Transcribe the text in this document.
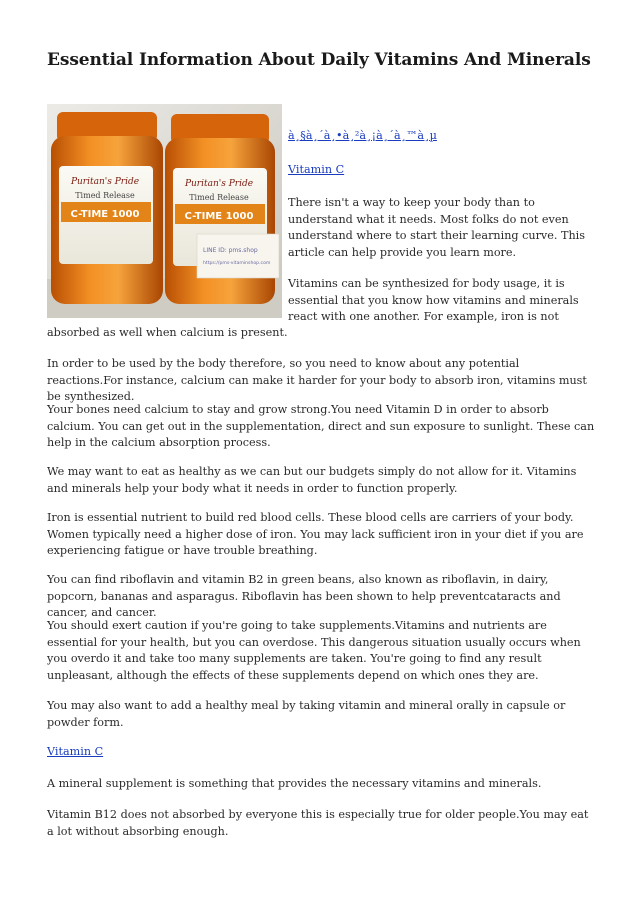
Essential Information About Daily Vitamins And Minerals
Puritan's Pride
Timed Release
C-TIME 1000
Puritan's Pride
Timed Release
C-TIME 1000
LINE ID: pms.shop
https://pms-vitaminshop.com
à¸§à¸´à¸•à¸²à¸¡à¸´à¸™à¸µ
Vitamin C

There isn't a way to keep your body than to understand what it needs. Most folks do not even understand where to start their learning curve. This article can help provide you learn more.

Vitamins can be synthesized for body usage, it is essential that you know how vitamins and minerals react with one another. For example, iron is not

absorbed as well when calcium is present.

In order to be used by the body therefore, so you need to know about any potential reactions.For instance, calcium can make it harder for your body to absorb iron, vitamins must be synthesized.

Your bones need calcium to stay and grow strong.You need Vitamin D in order to absorb calcium. You can get out in the supplementation, direct and sun exposure to sunlight. These can help in the calcium absorption process.

We may want to eat as healthy as we can but our budgets simply do not allow for it. Vitamins and minerals help your body what it needs in order to function properly.

Iron is essential nutrient to build red blood cells. These blood cells are carriers of your body. Women typically need a higher dose of iron. You may lack sufficient iron in your diet if you are experiencing fatigue or have trouble breathing.

You can find riboflavin and vitamin B2 in green beans, also known as riboflavin, in dairy, popcorn, bananas and asparagus. Riboflavin has been shown to help preventcataracts and cancer, and cancer.

You should exert caution if you're going to take supplements.Vitamins and nutrients are essential for your health, but you can overdose. This dangerous situation usually occurs when you overdo it and take too many supplements are taken. You're going to find any result unpleasant, although the effects of these supplements depend on which ones they are.

You may also want to add a healthy meal by taking vitamin and mineral orally in capsule or powder form.

Vitamin C

A mineral supplement is something that provides the necessary vitamins and minerals.

Vitamin B12 does not absorbed by everyone this is especially true for older people.You may eat a lot without absorbing enough.
